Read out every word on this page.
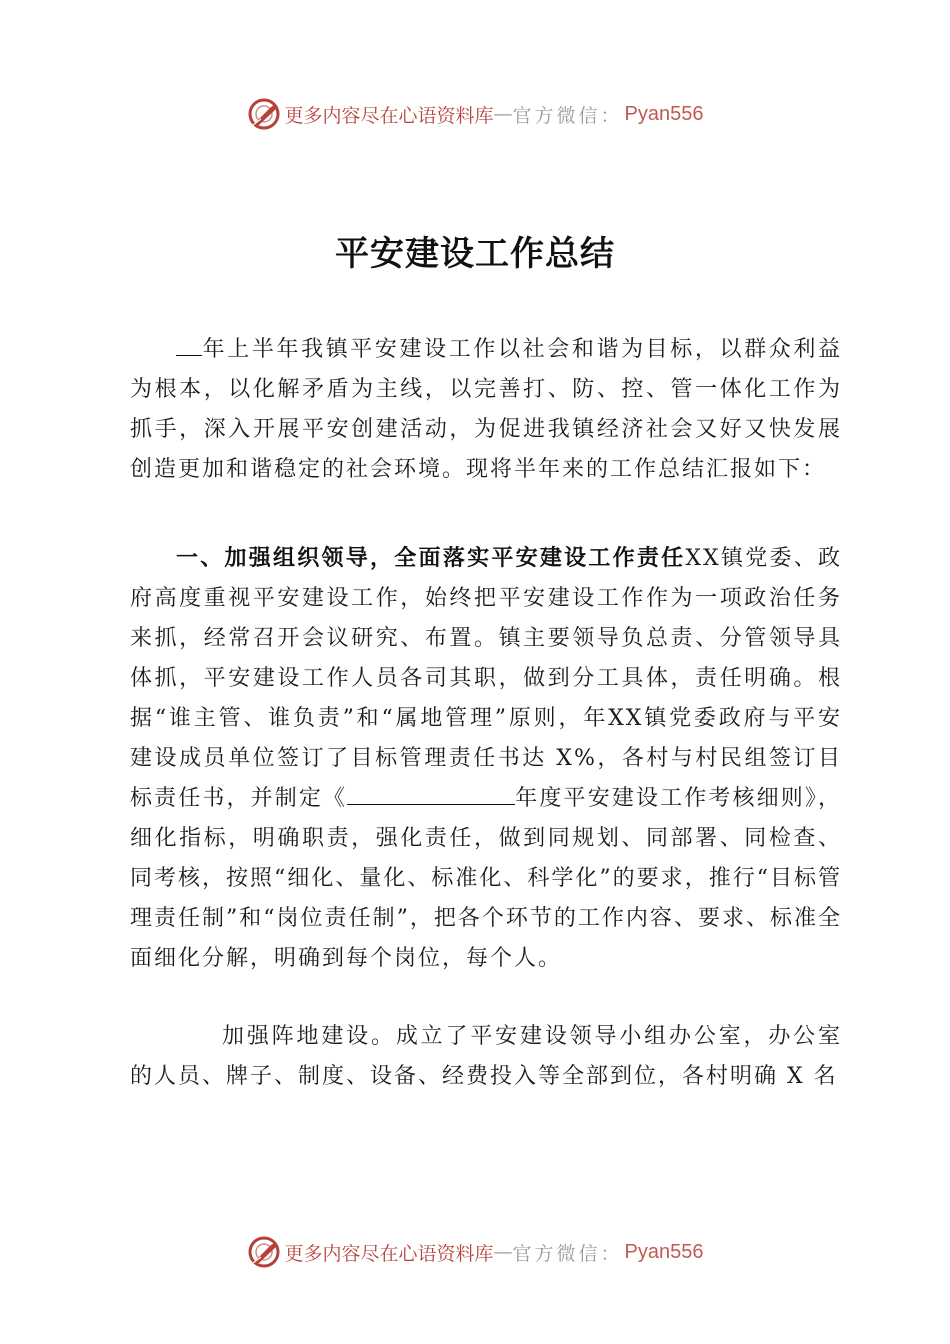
更多内容尽在心语资料库 — 官方微信： Pyan556
平安建设工作总结

年上半年我镇平安建设工作以社会和谐为目标，以群众利益为根本，以化解矛盾为主线，以完善打、防、控、管一体化工作为抓手，深入开展平安创建活动，为促进我镇经济社会又好又快发展创造更加和谐稳定的社会环境。现将半年来的工作总结汇报如下：

一、加强组织领导，全面落实平安建设工作责任XX镇党委、政府高度重视平安建设工作，始终把平安建设工作作为一项政治任务来抓，经常召开会议研究、布置。镇主要领导负总责、分管领导具体抓，平安建设工作人员各司其职，做到分工具体，责任明确。根据“谁主管、谁负责”和“属地管理”原则，年XX镇党委政府与平安建设成员单位签订了目标管理责任书达 X%，各村与村民组签订目标责任书，并制定《	年度平安建设工作考核细则》，细化指标，明确职责，强化责任，做到同规划、同部署、同检查、同考核，按照“细化、量化、标准化、科学化”的要求，推行“目标管理责任制”和“岗位责任制”，把各个环节的工作内容、要求、标准全面细化分解，明确到每个岗位，每个人。

加强阵地建设。成立了平安建设领导小组办公室，办公室的人员、牌子、制度、设备、经费投入等全部到位，各村明确 X 名

更多内容尽在心语资料库 — 官方微信： Pyan556
